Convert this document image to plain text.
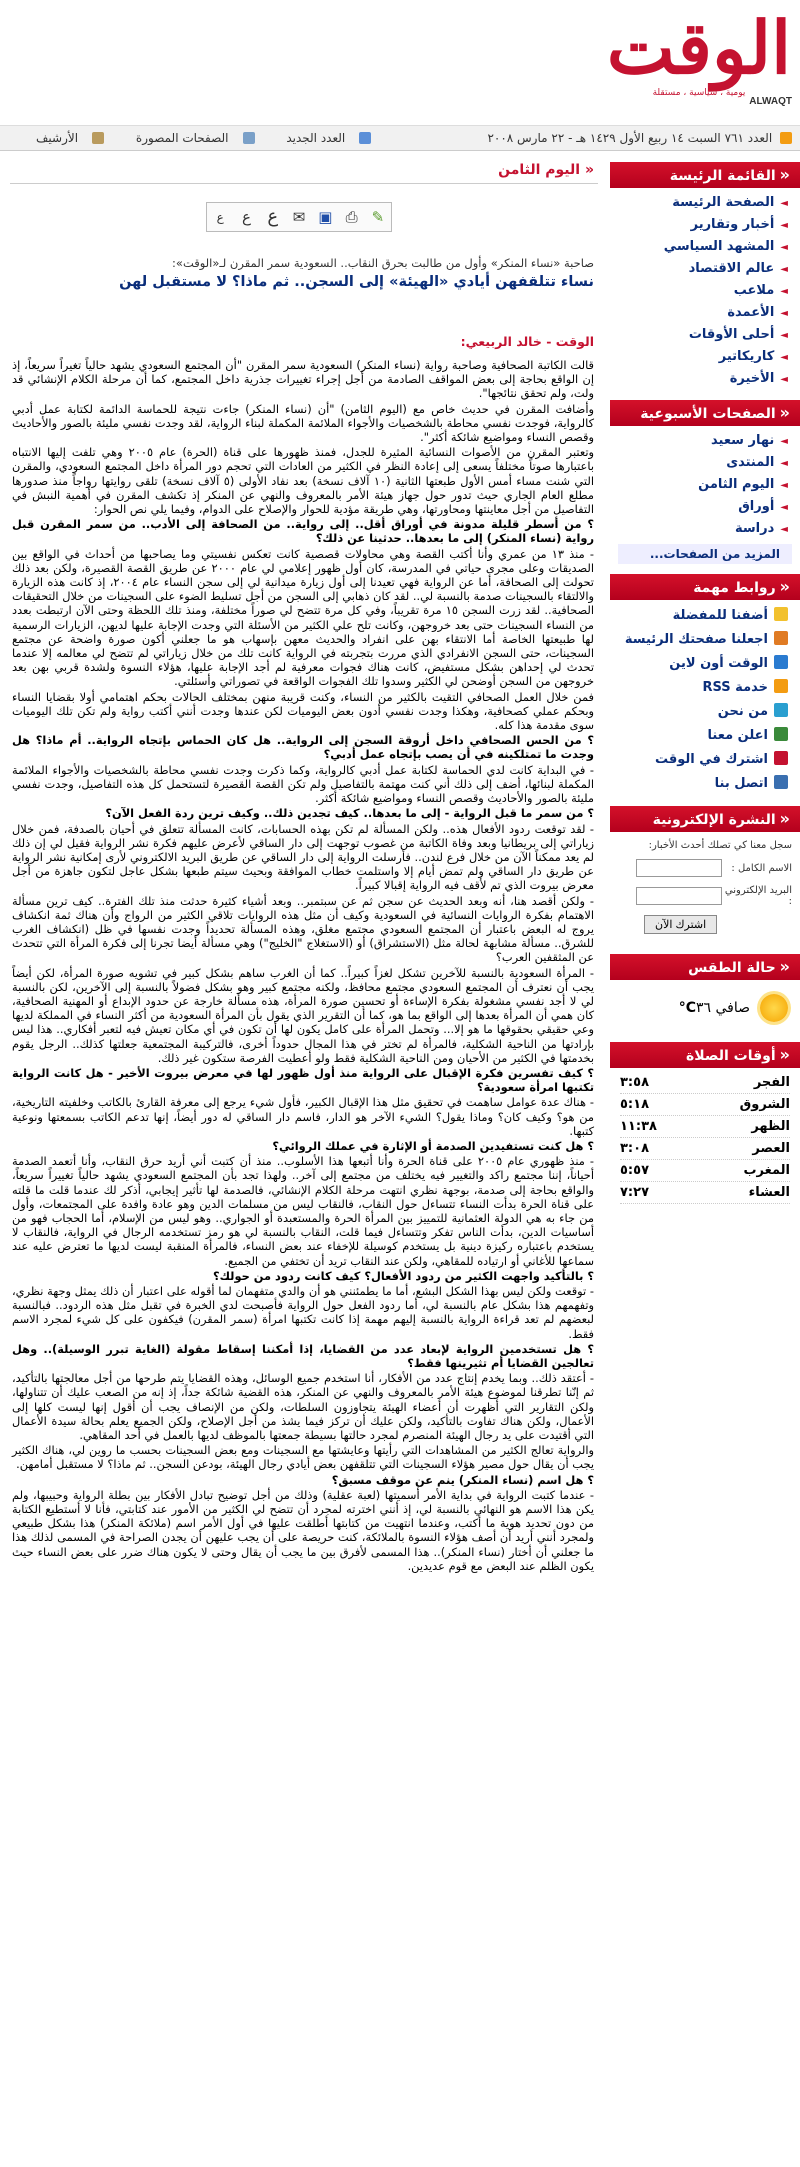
الوقت
يومية ، سياسية ، مستقلة
ALWAQT
العدد ٧٦١ السبت ١٤ ربيع الأول ١٤٢٩ هـ - ٢٢ مارس ٢٠٠٨
العدد الجديد الصفحات المصورة الأرشيف
« اليوم الثامن
ع	ع ع ✉ ▣ ⎙ ✎
صاحبة «نساء المنكر» وأول من طالبت بحرق النقاب.. السعودية سمر المقرن لـ«الوقت»:
نساء تتلقفهن أيادي «الهيئة» إلى السجن.. ثم ماذا؟ لا مستقبل لهن
الوقت - خالد الربيعي:

قالت الكاتبة الصحافية وصاحبة رواية (نساء المنكر) السعودية سمر المقرن "أن المجتمع السعودي يشهد حالياً تغيراً سريعاً، إذ إن الواقع بحاجة إلى بعض المواقف الصادمة من أجل إجراء تغييرات جذرية داخل المجتمع، كما أن مرحلة الكلام الإنشائي قد ولت، ولم تحقق نتائجها".

وأضافت المقرن في حديث خاص مع (اليوم الثامن) "أن (نساء المنكر) جاءت نتيجة للحماسة الدائمة لكتابة عمل أدبي كالرواية، فوجدت نفسي محاطة بالشخصيات والأجواء الملائمة المكملة لبناء الرواية، لقد وجدت نفسي مليئة بالصور والأحاديث وقصص النساء ومواضيع شائكة أكثر".

وتعتبر المقرن من الأصوات النسائية المثيرة للجدل، فمنذ ظهورها على قناة (الحرة) عام ٢٠٠٥ وهي تلفت إليها الانتباه باعتبارها صوتاً مختلفاً يسعى إلى إعادة النظر في الكثير من العادات التي تحجم دور المرأة داخل المجتمع السعودي، والمقرن التي شنت مساء أمس الأول طبعتها الثانية (١٠ آلاف نسخة) بعد نفاد الأولى (٥ آلاف نسخة) تلقى روايتها رواجاً منذ صدورها مطلع العام الجاري حيث تدور حول جهاز هيئة الأمر بالمعروف والنهي عن المنكر إذ تكشف المقرن في أهمية النبش في التفاصيل من أجل معاينتها ومحاورتها، وهي طريقة مؤدية للحوار والإصلاح على الدوام، وفيما يلي نص الحوار:

؟ من أسطر قليلة مدونة في أوراق أقل.. إلى رواية.. من الصحافة إلى الأدب.. من سمر المقرن قبل رواية (نساء المنكر) إلى ما بعدها.. حدثينا عن ذلك؟

- منذ ١٣ من عمري وأنا أكتب القصة وهي محاولات قصصية كانت تعكس نفسيتي وما يصاحبها من أحداث في الواقع بين الصديقات وعلى مجرى حياتي في المدرسة، كان أول ظهور إعلامي لي عام ٢٠٠٠ عن طريق القصة القصيرة، ولكن بعد ذلك تحولت إلى الصحافة، أما عن الرواية فهي تعيدنا إلى أول زيارة ميدانية لي إلى سجن النساء عام ٢٠٠٤، إذ كانت هذه الزيارة والالتقاء بالسجينات صدمة بالنسبة لي.. لقد كان ذهابي إلى السجن من أجل تسليط الضوء على السجينات من خلال التحقيقات الصحافية.. لقد زرت السجن ١٥ مرة تقريباً، وفي كل مرة تتضح لي صوراً مختلفة، ومنذ تلك اللحظة وحتى الآن ارتبطت بعدد من النساء السجينات حتى بعد خروجهن، وكانت تلح علي الكثير من الأسئلة التي وجدت الإجابة عليها لديهن، الزيارات الرسمية لها طبيعتها الخاصة أما الانتقاء بهن على انفراد والحديث معهن بإسهاب هو ما جعلني أكون صورة واضحة عن مجتمع السجينات، حتى السجن الانفرادي الذي مررت بتجربته في الرواية كانت تلك من خلال زياراتي لم تتضح لي معالمه إلا عندما تحدث لي إحداهن بشكل مستفيض، كانت هناك فجوات معرفية لم أجد الإجابة عليها، هؤلاء النسوة ولشدة قربي بهن بعد خروجهن من السجن أوضحن لي الكثير وسدوا تلك الفجوات الواقعة في تصوراتي وأسئلتي.

فمن خلال العمل الصحافي التقيت بالكثير من النساء، وكنت قريبة منهن بمختلف الحالات بحكم اهتمامي أولا بقضايا النساء وبحكم عملي كصحافية، وهكذا وجدت نفسي أدون بعض اليوميات لكن عندها وجدت أنني أكتب رواية ولم تكن تلك اليوميات سوى مقدمة هذا كله.

؟ من الحس الصحافي داخل أروقة السجن إلى الرواية.. هل كان الحماس بإتجاه الرواية.. أم ماذا؟ هل وجدت ما تمتلكينه في أن يصب بإتجاه عمل أدبي؟

- في البداية كانت لدي الحماسة لكتابة عمل أدبي كالرواية، وكما ذكرت وجدت نفسي محاطة بالشخصيات والأجواء الملائمة المكملة لبنائها، أضف إلى ذلك أني كنت مهتمة بالتفاصيل ولم تكن القصة القصيرة لتستحمل كل هذه التفاصيل، وجدت نفسي مليئة بالصور والأحاديث وقصص النساء ومواضيع شائكة أكثر.

؟ من سمر ما قبل الرواية - إلى ما بعدها.. كيف تجدين ذلك.. وكيف ترين ردة الفعل الآن؟

- لقد توقعت ردود الأفعال هذه.. ولكن المسألة لم تكن بهذه الحسابات، كانت المسألة تتعلق في أحيان بالصدفة، فمن خلال زياراتي إلى بريطانيا وبعد وفاة الكاتبة من غصوب توجهت إلى دار الساقي لأعرض عليهم فكرة نشر الرواية فقيل لي إن ذلك لم يعد ممكناً الآن من خلال فرع لندن.. فأرسلت الرواية إلى دار الساقي عن طريق البريد الالكتروني لأرى إمكانية نشر الرواية عن طريق دار الساقي ولم تمض أيام إلا واستلمت خطاب الموافقة وبحيث سيتم طبعها بشكل عاجل لتكون جاهزة من أجل معرض بيروت الذي تم لأقف فيه الرواية إقبالا كبيراً.

- ولكن أقصد هنا، أنه وبعد الحديث عن سجن ثم عن سبتمبر.. وبعد أشياء كثيرة حدثت منذ تلك الفترة.. كيف ترين مسألة الاهتمام بفكرة الروايات النسائية في السعودية وكيف أن مثل هذه الروايات تلاقي الكثير من الرواج وأن هناك ثمة انكشاف يروج له البعض باعتبار أن المجتمع السعودي مجتمع مغلق، وهذه المسألة تحديداً وجدت نفسها في ظل (انكشاف الغرب للشرق.. مسألة مشابهة لحالة مثل (الاستشراق) أو (الاستغلاج "الخليج") وهي مسألة أيضا تجرنا إلى فكرة المرأة التي تتحدث عن المثقفين العرب؟

- المرأة السعودية بالنسبة للآخرين تشكل لغزاً كبيراً.. كما أن الغرب ساهم بشكل كبير في تشويه صورة المرأة، لكن أيضاً يجب أن نعترف أن المجتمع السعودي مجتمع محافظ، ولكنه مجتمع كبير وهو بشكل فضولاً بالنسبة إلى الآخرين، لكن بالنسبة لي لا أجد نفسي مشغولة بفكرة الإساءة أو تحسين صورة المرأة، هذه مسألة خارجة عن حدود الإبداع أو المهنية الصحافية، كان همي أن المرأة بعدها إلى الواقع بما هو، كما أن التقرير الذي يقول بأن المرأة السعودية من أكثر النساء في المملكة لديها وعي حقيقي بحقوقها ما هو إلا... وتحمل المرأة على كامل يكون لها أن تكون في أي مكان تعيش فيه لتعبر أفكاري.. هذا ليس بإرادتها من الناحية الشكلية، فالمرأة لم تختر في هذا المجال حدوداً أخرى، فالتركيبة المجتمعية جعلتها كذلك.. الرجل يقوم بخدمتها في الكثير من الأحيان ومن الناحية الشكلية فقط ولو أعطيت الفرصة ستكون غير ذلك.

؟ كيف تفسرين فكرة الإقبال على الرواية منذ أول ظهور لها في معرض بيروت الأخير - هل كانت الرواية تكتبها امرأة سعودية؟

- هناك عدة عوامل ساهمت في تحقيق مثل هذا الإقبال الكبير، فأول شيء يرجع إلى معرفة القارئ بالكاتب وخلفيته التاريخية، من هو؟ وكيف كان؟ وماذا يقول؟ الشيء الآخر هو الدار، فاسم دار الساقي له دور أيضاً، إنها تدعم الكاتب بسمعتها ونوعية كتبها.

؟ هل كنت تستفيدين الصدمة أو الإثارة في عملك الروائي؟

- منذ ظهوري عام ٢٠٠٥ على قناة الحرة وأنا أتبعها هذا الأسلوب.. منذ أن كتبت أني أريد حرق النقاب، وأنا أتعمد الصدمة أحياناً، إننا مجتمع راكد والتغيير فيه يختلف من مجتمع إلى آخر.. ولهذا تجد بأن المجتمع السعودي يشهد حالياً تغييراً سريعاً، والواقع بحاجة إلى صدمة، بوجهة نظري انتهت مرحلة الكلام الإنشائي، فالصدمة لها تأثير إيجابي، أذكر لك عندما قلت ما قلته على قناة الحرة بدأت النساء تتساءل حول النقاب، فالنقاب ليس من مسلمات الدين وهو عادة وافدة على المجتمعات، وأول من جاء به هي الدولة العثمانية للتمييز بين المرأة الحرة والمستعبدة أو الجواري.. وهو ليس من الإسلام، أما الحجاب فهو من أساسيات الدين، بدأت الناس تفكر وتتساءل فيما قلت، النقاب بالنسبة لي هو رمز تستخدمه الرجال في الرواية، فالنقاب لا يستخدم باعتباره ركيزة دينية بل يستخدم كوسيلة للإخفاء عند بعض النساء، فالمرأة المنقبة ليست لديها ما تعترض عليه عند سماعها للأغاني أو ارتياده للمقاهي، ولكن عند النقاب تريد أن تختفي من الجميع.

؟ بالتأكيد واجهت الكثير من ردود الأفعال؟ كيف كانت ردود من حولك؟

- توقعت ولكن ليس بهذا الشكل البشع، أما ما يطمئنني هو أن والدي متفهمان لما أقوله على اعتبار أن ذلك يمثل وجهة نظري، وتفهمهم هذا بشكل عام بالنسبة لي، أما ردود الفعل حول الرواية فأصبحت لدي الخبرة في تقبل مثل هذه الردود.. فبالنسبة لبعضهم لم تعد قراءة الرواية بالنسبة إليهم مهمة إذا كانت تكتبها امرأة (سمر المقرن) فيكفون على كل شيء لمجرد الاسم فقط.

؟ هل تستخدمين الرواية لإبعاد عدد من القضايا، إذا أمكننا إسقاط مقولة (الغاية تبرر الوسيلة).. وهل تعالجين القضايا أم تثيرينها فقط؟

- أعتقد ذلك.. وبما يخدم إنتاج عدد من الأفكار، أنا استخدم جميع الوسائل، وهذه القضايا يتم طرحها من أجل معالجتها بالتأكيد، ثم إنّنا تطرقنا لموضوع هيئة الأمر بالمعروف والنهي عن المنكر، هذه القضية شائكة جداً، إذ إنه من الصعب عليك أن تتناولها، ولكن التقارير التي أظهرت أن أعضاء الهيئة يتجاوزون السلطات، ولكن من الإنصاف يجب أن أقول إنها ليست كلها إلى الأعمال، ولكن هناك تفاوت بالتأكيد، ولكن عليك أن تركز فيما يشذ من أجل الإصلاح، ولكن الجميع يعلم بحالة سيدة الأعمال التي أقتيدت على يد رجال الهيئة المنصرم لمجرد حالتها بسيطة جمعتها بالموظف لديها بالعمل في أحد المقاهي.

والرواية تعالج الكثير من المشاهدات التي رأيتها وعايشتها مع السجينات ومع بعض السجينات بحسب ما روين لي، هناك الكثير يجب أن يقال حول مصير هؤلاء السجينات التي تتلقفهن بعض أيادي رجال الهيئة، بودعن السجن.. ثم ماذا؟ لا مستقبل أمامهن.

؟ هل اسم (نساء المنكر) ينم عن موقف مسبق؟

- عندما كتبت الرواية في بداية الأمر أسميتها (لعبة عقلية) وذلك من أجل توضيح تبادل الأفكار بين بطلة الرواية وحبيبها، ولم يكن هذا الاسم هو النهائي بالنسبة لي، إذ أنني اخترته لمجرد أن تتضح لي الكثير من الأمور عند كتابتي، فأنا لا أستطيع الكتابة من دون تحديد هوية ما أكتب، وعندما انتهيت من كتابتها أطلقت عليها في أول الأمر اسم (ملائكة المنكر) هذا بشكل طبيعي ولمجرد أنني أريد أن أصف هؤلاء النسوة بالملائكة، كنت حريصة على أن يجب عليهن أن يجدن الصراحة في المسمى لذلك هذا ما جعلني أن أختار (نساء المنكر).. هذا المسمى لأفرق بين ما يجب أن يقال وحتى لا يكون هناك ضرر على بعض النساء حيث يكون الظلم عند البعض مع قوم عديدين.

«القائمة الرئيسة
◄الصفحة الرئيسة
◄أخبار وتقارير
◄المشهد السياسي
◄عالم الاقتصاد
◄ملاعب
◄الأعمدة
◄أحلى الأوقات
◄كاريكاتير
◄الأخيرة
«الصفحات الأسبوعية
◄نهار سعيد
◄المنتدى
◄اليوم الثامن
◄أوراق
◄دراسة
المزيد من الصفحات...
«روابط مهمة
أضفنا للمفضلة
اجعلنا صفحتك الرئيسة
الوقت أون لاين
خدمة RSS
من نحن
اعلن معنا
اشترك في الوقت
اتصل بنا
«النشرة الإلكترونية
سجل معنا كي تصلك أحدث الأخبار:
الاسم الكامل :
البريد الإلكتروني :
اشترك الآن
«حالة الطقس
صافي

٣٦
C°
«أوقات الصلاة
الفجر
٣:٥٨
الشروق
٥:١٨
الظهر
١١:٣٨
العصر
٣:٠٨
المغرب
٥:٥٧
العشاء
٧:٢٧
